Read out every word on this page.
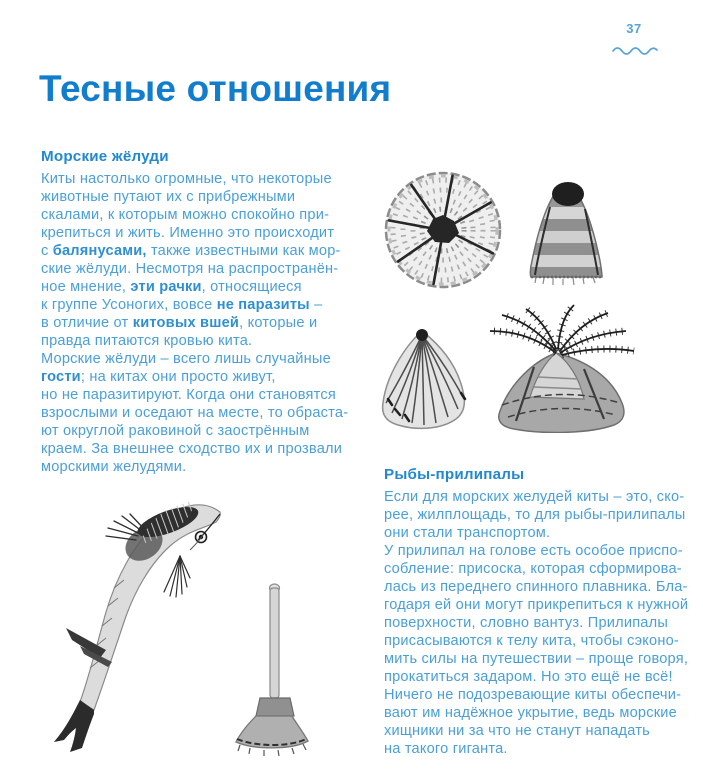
37
Тесные отношения
Морские жёлуди
Киты настолько огромные, что некоторые
животные путают их с прибрежными
скалами, к которым можно спокойно при-
крепиться и жить. Именно это происходит
с балянусами, также известными как мор-
ские жёлуди. Несмотря на распространён-
ное мнение, эти рачки, относящиеся
к группе Усоногих, вовсе не паразиты –
в отличие от китовых вшей, которые и
правда питаются кровью кита.
Морские жёлуди – всего лишь случайные
гости; на китах они просто живут,
но не паразитируют. Когда они становятся
взрослыми и оседают на месте, то обраста-
ют округлой раковиной с заострённым
краем. За внешнее сходство их и прозвали
морскими желудями.	Рыбы-прилипалы
Если для морских желудей киты – это, ско-
рее, жилплощадь, то для рыбы-прилипалы
они стали транспортом.
У прилипал на голове есть особое приспо-
собление: присоска, которая сформирова-
лась из переднего спинного плавника. Бла-
годаря ей они могут прикрепиться к нужной
поверхности, словно вантуз. Прилипалы
присасываются к телу кита, чтобы сэконо-
мить силы на путешествии – проще говоря,
прокатиться задаром. Но это ещё не всё!
Ничего не подозревающие киты обеспечи-
вают им надёжное укрытие, ведь морские
хищники ни за что не станут нападать
на такого гиганта.
